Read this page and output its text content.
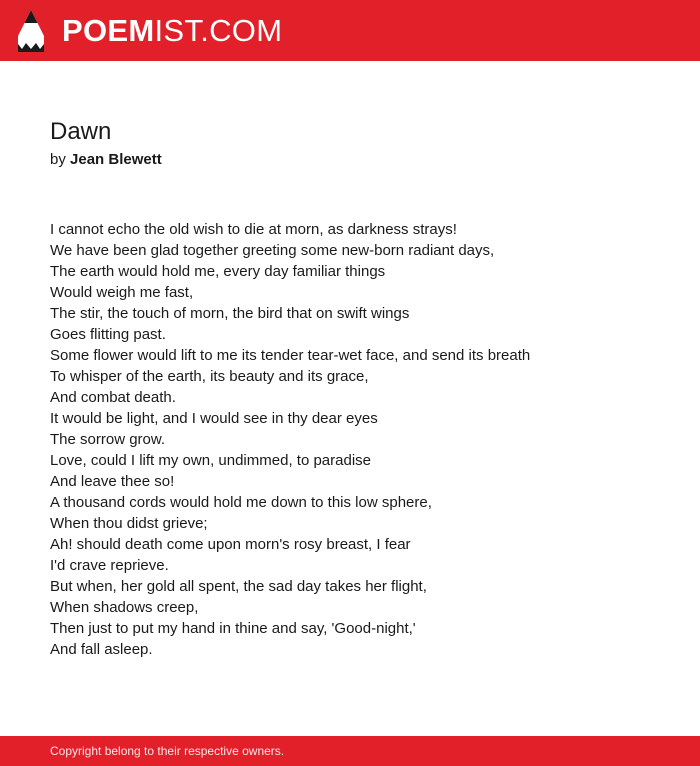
POEMIST.COM
Dawn
by Jean Blewett
I cannot echo the old wish to die at morn, as darkness strays!
We have been glad together greeting some new-born radiant days,
The earth would hold me, every day familiar things
Would weigh me fast,
The stir, the touch of morn, the bird that on swift wings
Goes flitting past.
Some flower would lift to me its tender tear-wet face, and send its breath
To whisper of the earth, its beauty and its grace,
And combat death.
It would be light, and I would see in thy dear eyes
The sorrow grow.
Love, could I lift my own, undimmed, to paradise
And leave thee so!
A thousand cords would hold me down to this low sphere,
When thou didst grieve;
Ah! should death come upon morn's rosy breast, I fear
I'd crave reprieve.
But when, her gold all spent, the sad day takes her flight,
When shadows creep,
Then just to put my hand in thine and say, 'Good-night,'
And fall asleep.
Copyright belong to their respective owners.
